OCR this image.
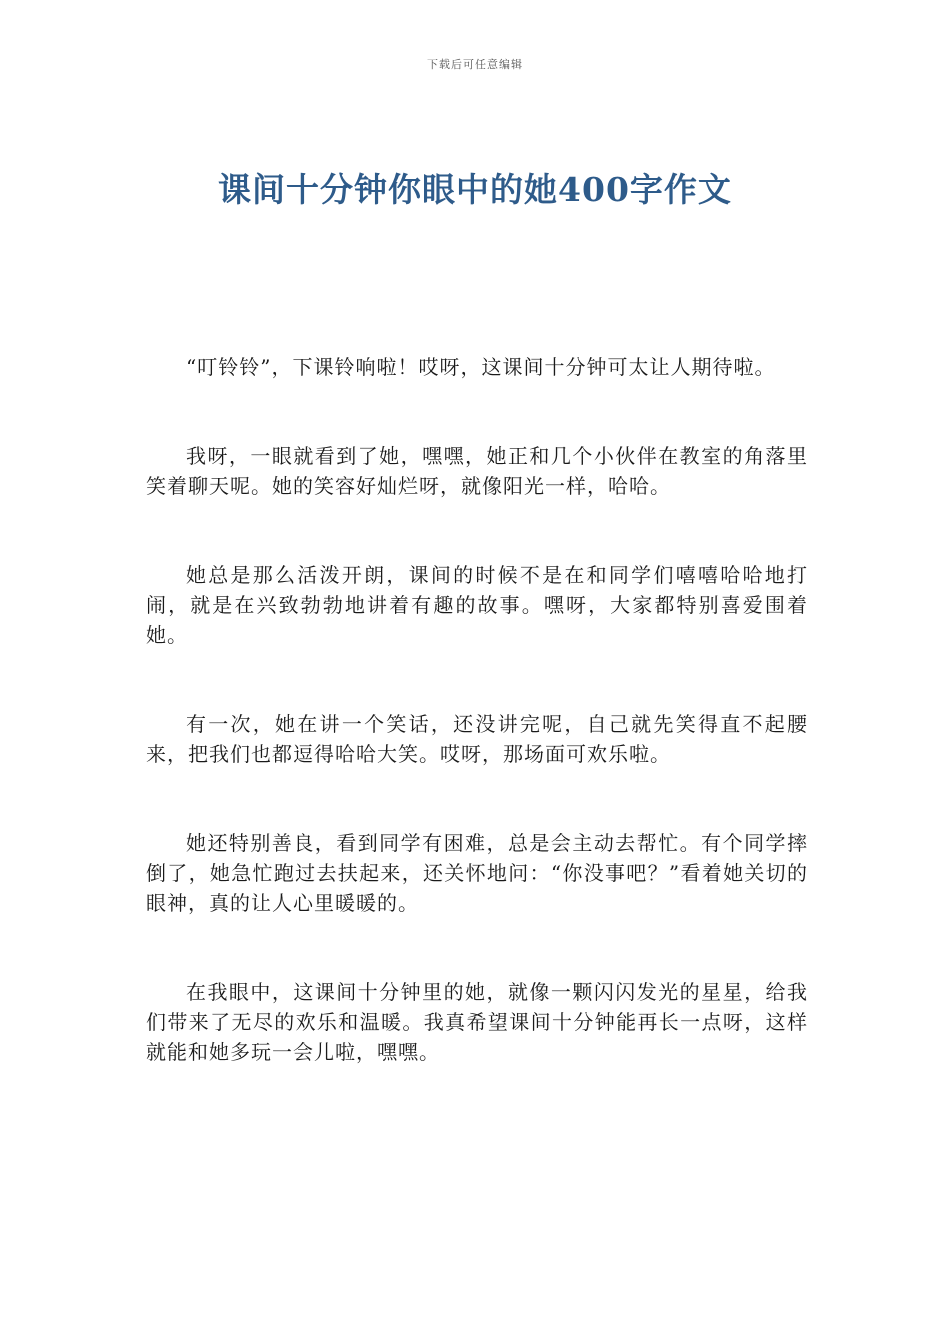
下载后可任意编辑
课间十分钟你眼中的她400字作文

“叮铃铃”，下课铃响啦！哎呀，这课间十分钟可太让人期待啦。

我呀，一眼就看到了她，嘿嘿，她正和几个小伙伴在教室的角落里笑着聊天呢。她的笑容好灿烂呀，就像阳光一样，哈哈。

她总是那么活泼开朗，课间的时候不是在和同学们嘻嘻哈哈地打闹，就是在兴致勃勃地讲着有趣的故事。嘿呀，大家都特别喜爱围着她。

有一次，她在讲一个笑话，还没讲完呢，自己就先笑得直不起腰来，把我们也都逗得哈哈大笑。哎呀，那场面可欢乐啦。

她还特别善良，看到同学有困难，总是会主动去帮忙。有个同学摔倒了，她急忙跑过去扶起来，还关怀地问：“你没事吧？”看着她关切的眼神，真的让人心里暖暖的。

在我眼中，这课间十分钟里的她，就像一颗闪闪发光的星星，给我们带来了无尽的欢乐和温暖。我真希望课间十分钟能再长一点呀，这样就能和她多玩一会儿啦，嘿嘿。
